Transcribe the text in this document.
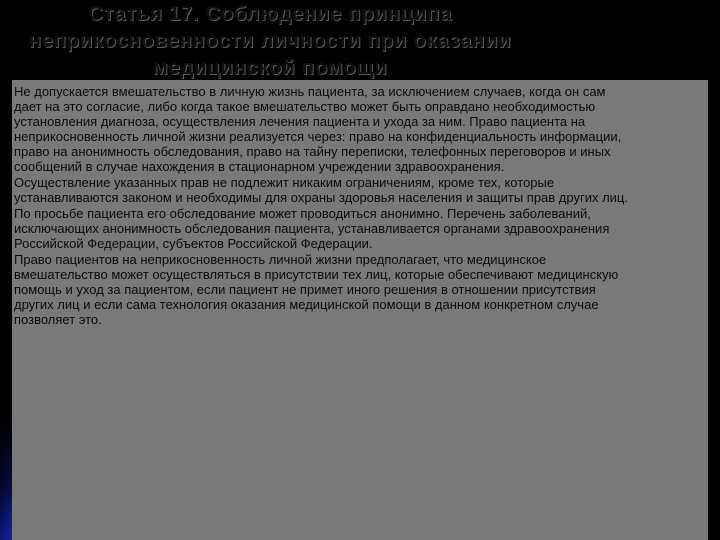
Статья 17. Соблюдение принципа
неприкосновенности личности при оказании
медицинской помощи
Не допускается вмешательство в личную жизнь пациента, за исключением случаев, когда он сам дает на это согласие, либо когда такое вмешательство может быть оправдано необходимостью установления диагноза, осуществления лечения пациента и ухода за ним. Право пациента на неприкосновенность личной жизни реализуется через: право на конфиденциальность информации, право на анонимность обследования, право на тайну переписки, телефонных переговоров и иных сообщений в случае нахождения в стационарном учреждении здравоохранения.
Осуществление указанных прав не подлежит никаким ограничениям, кроме тех, которые устанавливаются законом и необходимы для охраны здоровья населения и защиты прав других лиц.
По просьбе пациента его обследование может проводиться анонимно. Перечень заболеваний, исключающих анонимность обследования пациента, устанавливается органами здравоохранения Российской Федерации, субъектов Российской Федерации.
Право пациентов на неприкосновенность личной жизни предполагает, что медицинское вмешательство может осуществляться в присутствии тех лиц, которые обеспечивают медицинскую помощь и уход за пациентом, если пациент не примет иного решения в отношении присутствия других лиц и если сама технология оказания медицинской помощи в данном конкретном случае позволяет это.
